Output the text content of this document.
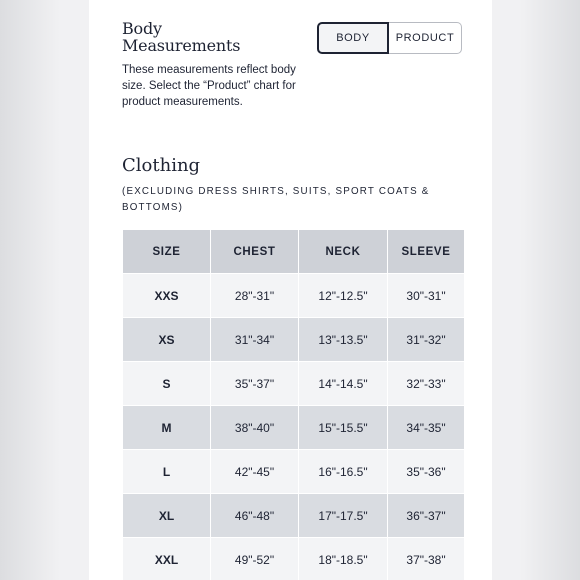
Body
Measurements
These measurements reflect body size. Select the “Product” chart for product measurements.
BODY	PRODUCT
Clothing
(EXCLUDING DRESS SHIRTS, SUITS, SPORT COATS & BOTTOMS)
SIZE	CHEST	NECK	SLEEVE
XXS	28"-31"	12"-12.5"	30"-31"
XS	31"-34"	13"-13.5"	31"-32"
S	35"-37"	14"-14.5"	32"-33"
M	38"-40"	15"-15.5"	34"-35"
L	42"-45"	16"-16.5"	35"-36"
XL	46"-48"	17"-17.5"	36"-37"
XXL	49"-52"	18"-18.5"	37"-38"
